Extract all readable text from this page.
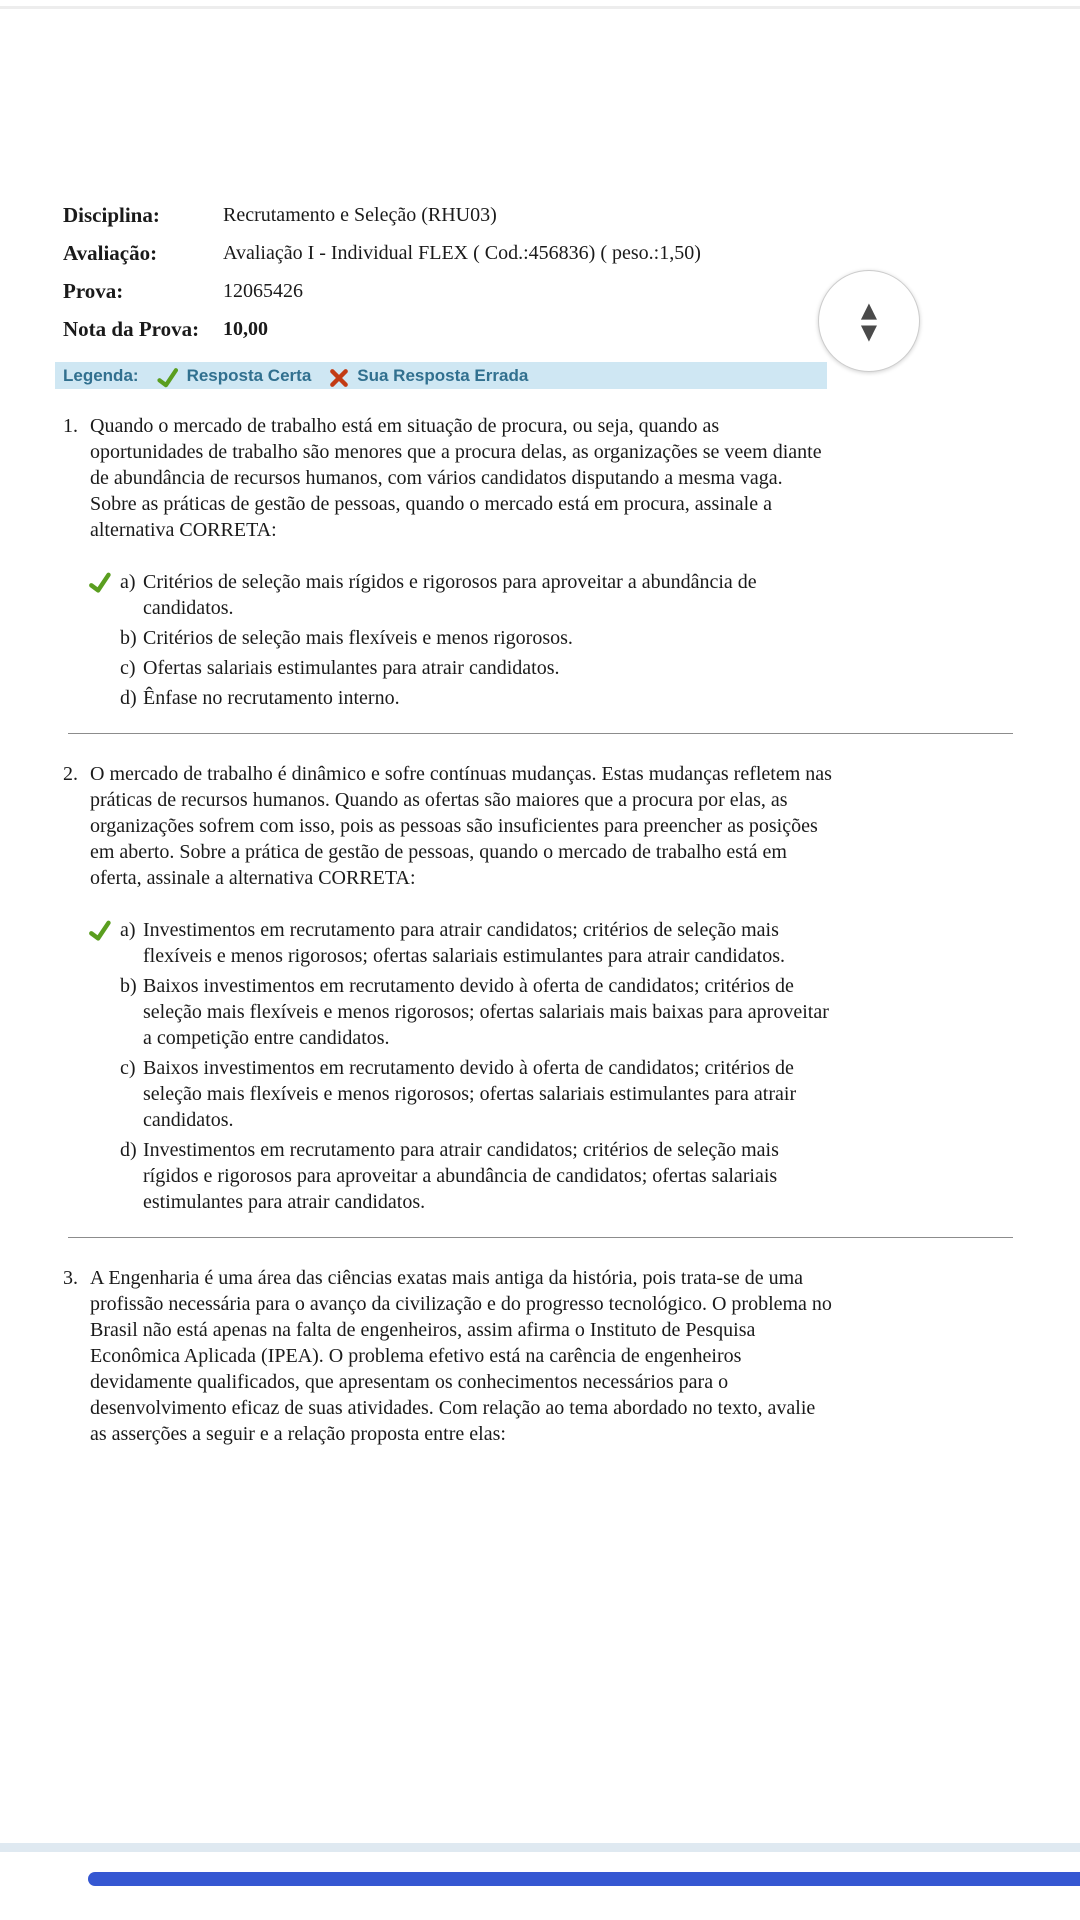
Disciplina:	Recrutamento e Seleção (RHU03)
Avaliação:	Avaliação I - Individual FLEX ( Cod.:456836) ( peso.:1,50)
Prova:	12065426
Nota da Prova:	10,00
Legenda:	Resposta Certa	Sua Resposta Errada
1. Quando o mercado de trabalho está em situação de procura, ou seja, quando as oportunidades de trabalho são menores que a procura delas, as organizações se veem diante de abundância de recursos humanos, com vários candidatos disputando a mesma vaga. Sobre as práticas de gestão de pessoas, quando o mercado está em procura, assinale a alternativa CORRETA:
a) Critérios de seleção mais rígidos e rigorosos para aproveitar a abundância de candidatos.
b) Critérios de seleção mais flexíveis e menos rigorosos.
c) Ofertas salariais estimulantes para atrair candidatos.
d) Ênfase no recrutamento interno.
2. O mercado de trabalho é dinâmico e sofre contínuas mudanças. Estas mudanças refletem nas práticas de recursos humanos. Quando as ofertas são maiores que a procura por elas, as organizações sofrem com isso, pois as pessoas são insuficientes para preencher as posições em aberto. Sobre a prática de gestão de pessoas, quando o mercado de trabalho está em oferta, assinale a alternativa CORRETA:
a) Investimentos em recrutamento para atrair candidatos; critérios de seleção mais flexíveis e menos rigorosos; ofertas salariais estimulantes para atrair candidatos.
b) Baixos investimentos em recrutamento devido à oferta de candidatos; critérios de seleção mais flexíveis e menos rigorosos; ofertas salariais mais baixas para aproveitar a competição entre candidatos.
c) Baixos investimentos em recrutamento devido à oferta de candidatos; critérios de seleção mais flexíveis e menos rigorosos; ofertas salariais estimulantes para atrair candidatos.
d) Investimentos em recrutamento para atrair candidatos; critérios de seleção mais rígidos e rigorosos para aproveitar a abundância de candidatos; ofertas salariais estimulantes para atrair candidatos.
3. A Engenharia é uma área das ciências exatas mais antiga da história, pois trata-se de uma profissão necessária para o avanço da civilização e do progresso tecnológico. O problema no Brasil não está apenas na falta de engenheiros, assim afirma o Instituto de Pesquisa Econômica Aplicada (IPEA). O problema efetivo está na carência de engenheiros devidamente qualificados, que apresentam os conhecimentos necessários para o desenvolvimento eficaz de suas atividades. Com relação ao tema abordado no texto, avalie as asserções a seguir e a relação proposta entre elas:
▲
▼
